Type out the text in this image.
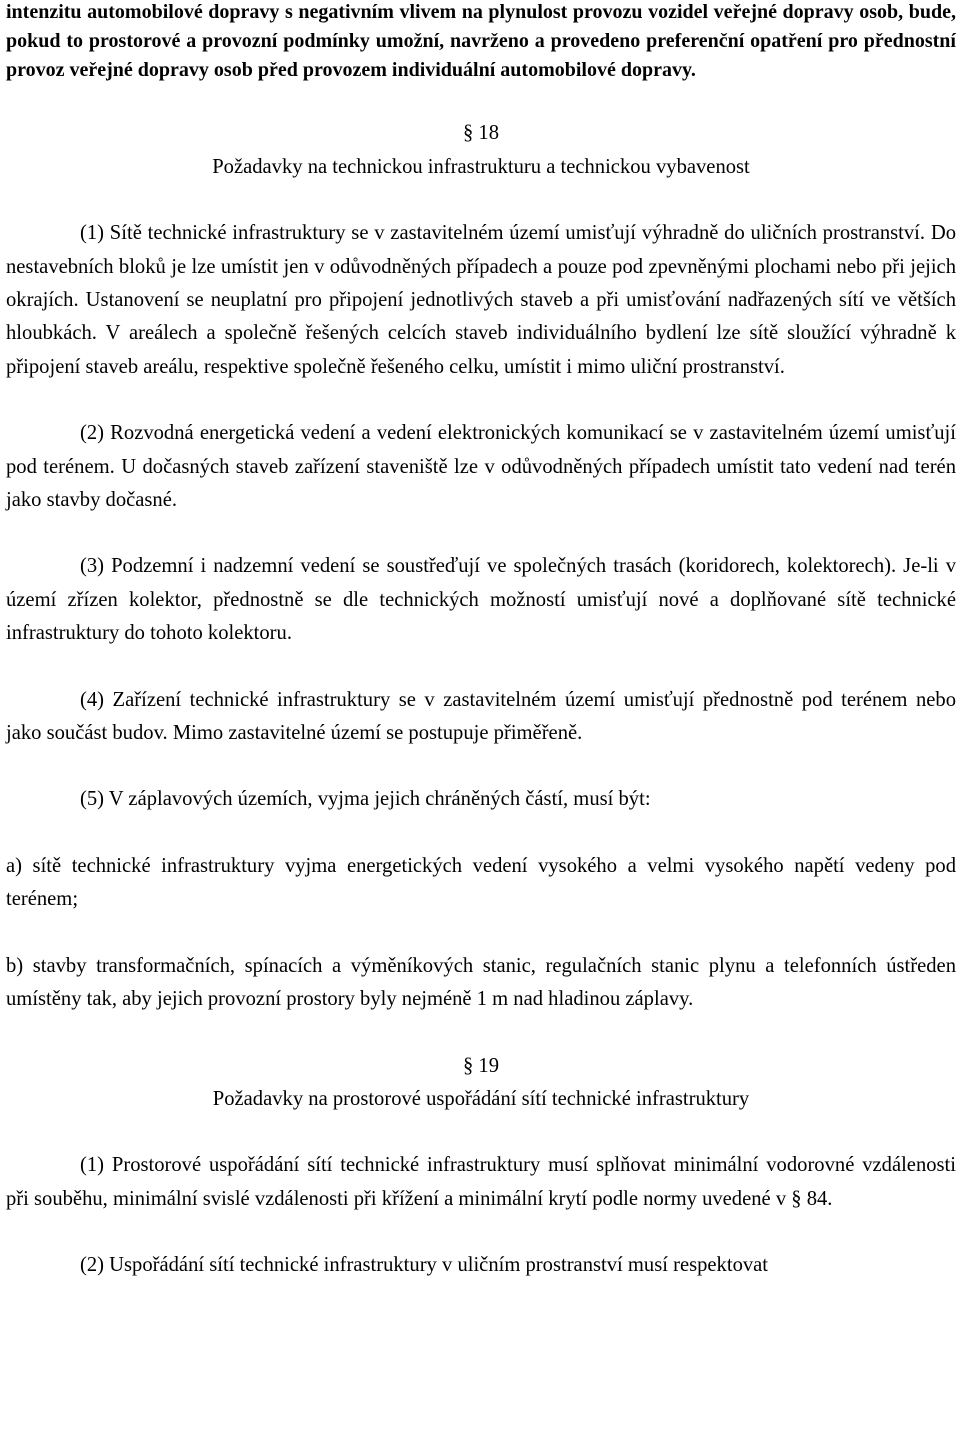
intenzitu automobilové dopravy s negativním vlivem na plynulost provozu vozidel veřejné dopravy osob, bude, pokud to prostorové a provozní podmínky umožní, navrženo a provedeno preferenční opatření pro přednostní provoz veřejné dopravy osob před provozem individuální automobilové dopravy.

§ 18

Požadavky na technickou infrastrukturu a technickou vybavenost

(1) Sítě technické infrastruktury se v zastavitelném území umisťují výhradně do uličních prostranství. Do nestavebních bloků je lze umístit jen v odůvodněných případech a pouze pod zpevněnými plochami nebo při jejich okrajích. Ustanovení se neuplatní pro připojení jednotlivých staveb a při umisťování nadřazených sítí ve větších hloubkách. V areálech a společně řešených celcích staveb individuálního bydlení lze sítě sloužící výhradně k připojení staveb areálu, respektive společně řešeného celku, umístit i mimo uliční prostranství.

(2) Rozvodná energetická vedení a vedení elektronických komunikací se v zastavitelném území umisťují pod terénem. U dočasných staveb zařízení staveniště lze v odůvodněných případech umístit tato vedení nad terén jako stavby dočasné.

(3) Podzemní i nadzemní vedení se soustřeďují ve společných trasách (koridorech, kolektorech). Je-li v území zřízen kolektor, přednostně se dle technických možností umisťují nové a doplňované sítě technické infrastruktury do tohoto kolektoru.

(4) Zařízení technické infrastruktury se v zastavitelném území umisťují přednostně pod terénem nebo jako součást budov. Mimo zastavitelné území se postupuje přiměřeně.

(5) V záplavových územích, vyjma jejich chráněných částí, musí být:

a) sítě technické infrastruktury vyjma energetických vedení vysokého a velmi vysokého napětí vedeny pod terénem;

b) stavby transformačních, spínacích a výměníkových stanic, regulačních stanic plynu a telefonních ústředen umístěny tak, aby jejich provozní prostory byly nejméně 1 m nad hladinou záplavy.

§ 19

Požadavky na prostorové uspořádání sítí technické infrastruktury

(1) Prostorové uspořádání sítí technické infrastruktury musí splňovat minimální vodorovné vzdálenosti při souběhu, minimální svislé vzdálenosti při křížení a minimální krytí podle normy uvedené v § 84.

(2) Uspořádání sítí technické infrastruktury v uličním prostranství musí respektovat
